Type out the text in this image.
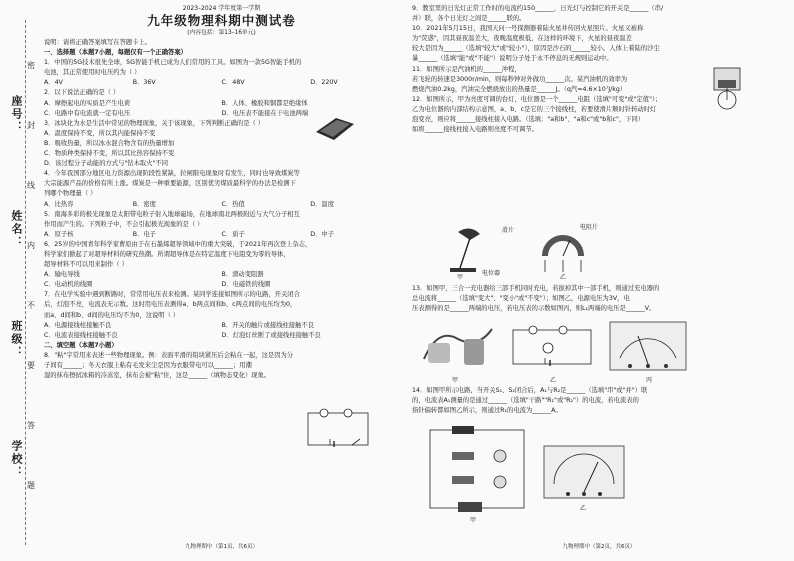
学校：
班级：
姓名：
座号：
密
封
线
内
不
要
答
题
2023–2024 学年度第一学期
九年级物理科期中测试卷
(内容包括：第13–16单元)
说明：请将正确答案填写在答题卡上。
一、选择题（本题7小题，每题仅有一个正确答案）
1．中国的5G技术很先全球，5G智能手机已成为人们常用的工具。如图为一款5G智能手机的
电池，其正常使用时电压约为（ ）
A．4V	B．36V	C．48V	D．220V
2．以下说法正确的是（ ）
A．摩擦起电的实质是产生电荷	B．人体、橡胶和铜都是绝缘体
C．电路中有电流就一定有电压	D．电压表不能接在干电池两端
3．冰块化为水是生活中常见的物理现象，关于该现象，下列判断正确的是（ ）
A．温度保持不变，所以其内能保持不变
B．吸收热量，所以冰水混合物含有的热量增加
C．物质种类保持不变，所以其比热容保持不变
D．该过程分子动能的方式与"钻木取火"不同
4．今年我国部分地区电力资源出现阶段性紧缺，拉闸限电现象时有发生，同时也导致煤炭等
大宗能源产品的价格有所上涨。煤炭是一种重要能源，区别优劣煤质最科学的办法是检测下
列哪个物理量（ ）
A．比热容	B．密度	C．热值	D．温度
5．南海多彩的极光现象是太阳带电粒子射入地球磁场，在地球南北两极附近与大气分子相互
作用而产生的。下列粒子中，不会引起极光现象的是（ ）
A．原子核	B．电子	C．质子	D．中子
6．25岁的中国青年科学家曹原由于在石墨烯超导领域中的重大突破，于2021年再次登上杂志，
科学家们掀起了对超导材料的研究热潮。所谓超导体是在特定温度下电阻变为零的导体，
超导材料不可以用来制作（ ）
A．输电导线	B．滑动变阻器
C．电动机的线圈	D．电磁铁的线圈
7．在电学实验中遇到断路时，常常用电压表来检测。某同学连接如图所示的电路，开关闭合
后，灯泡不亮，电流表无示数。这时用电压表测得a、b两点间和b、c两点间的电压均为0，
而a、d间和b、d间的电压均不为0，这说明（ ）
A．电源接线柱接触不良	B．开关的触片或接线柱接触不良
C．电流表接线柱接触不良	D．灯泡灯丝断了或接线柱接触不良
二、填空题（本题7小题）
8．"粘"字常用来表述一些物理现象。例：表面平滑的铅块紧压后会粘在一起，这是因为分
子间有______；冬天衣服上粘有毛发来尘是因为衣服带电可以______；用潮
湿的抹布擦拭冰箱的冷冻室，抹布会被"粘"住，这是______（填物态变化）现象。
九物理期中（第1页，共6页）
9．教室里的日光灯正常工作时的电流约150______，日光灯与控制它的开关是______（串/
并）联，各个日光灯之间是______联的。
10．2021年5月15日，我国天问一号探测器着陆火星并传回火星照片。火星又被称
为"荧惑"，因其昼夜温差大，夜晚温度极低，在这样的环境下，火星的昼夜温差
较大是因为______（选填"较大"或"较小"），原因是沙石的______较小。人体上着陆的沙尘
暴______（选填"能"或"不能"）说明分子处于永不停息的无规则运动中。
11．如图所示是汽油机的______冲程，
若飞轮的转速是3000r/min，则每秒钟对外做功______次。某汽油机的效率为
燃烧汽油0.2kg，汽油完全燃烧放出的热量是______J。（q汽=4.6×10⁷J/kg）
12．如图所示，甲为亮度可调的台灯，电位器是一个______电阻（选填"可变"或"定值"）；
乙为电位器的内部结构示意图，a、b、c是它的三个接线柱，若要使滑片顺时针转动时灯
泡变亮，则应将______接线柱接入电路。（选填："a和b"、"a和c"或"b和c"，下同）
如将______接线柱接入电路则亮度不可调节。
甲
电位器
乙
滑片	电阻片
13．如图甲，三合一充电器给三部手机同时充电，若拔掉其中一部手机，则通过充电器的
总电流将______（选填"变大"、"变小"或"不变"）；如图乙，电源电压为3V，电
压表测得的是______两端的电压，若电压表的示数如图丙，则L₁两端的电压是______V。
甲	乙	丙
14．如图甲所示电路，当开关S₁、S₂闭合后，A₁与R₂是______（选填"串"或"并"）联
的，电流表A₁测量的是通过______（选填"干路""R₁"或"R₂"）的电流，若电流表的
指针偏转都如图乙所示，则通过R₁的电流为______A。
甲
乙
九物理期中（第2页，共6页）
